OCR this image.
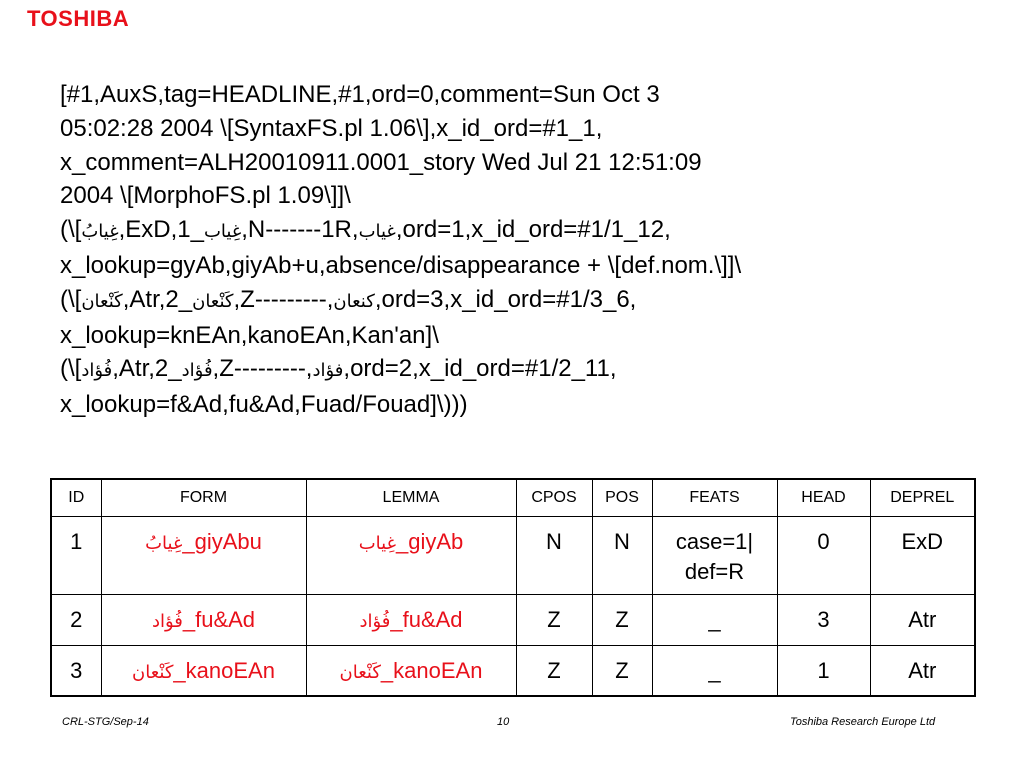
TOSHIBA
[#1,AuxS,tag=HEADLINE,#1,ord=0,comment=Sun Oct 3
05:02:28 2004 \[SyntaxFS.pl 1.06\],x_id_ord=#1_1,
x_comment=ALH20010911.0001_story Wed Jul 21 12:51:09
2004 \[MorphoFS.pl 1.09\]]\
(\[غِيابُ,ExD,1_غِياب,N-------1R,غياب,ord=1,x_id_ord=#1/1_12,
x_lookup=gyAb,giyAb+u,absence/disappearance + \[def.nom.\]]\
(\[كَنْعان,Atr,2_كَنْعان,Z---------,كنعان,ord=3,x_id_ord=#1/3_6,
x_lookup=knEAn,kanoEAn,Kan'an]\
(\[فُؤاد,Atr,2_فُؤاد,Z---------,فؤاد,ord=2,x_id_ord=#1/2_11,
x_lookup=f&Ad,fu&Ad,Fuad/Fouad]\)))
ID	FORM	LEMMA	CPOS	POS	FEATS	HEAD	DEPREL
1	غِيابُ_giyAbu	غِياب_giyAb	N	N	case=1|
def=R	0	ExD
2	فُؤاد_fu&Ad	فُؤاد_fu&Ad	Z	Z	_	3	Atr
3	كَنْعان_kanoEAn	كَنْعان_kanoEAn	Z	Z	_	1	Atr
CRL-STG/Sep-14	10	Toshiba Research Europe Ltd
